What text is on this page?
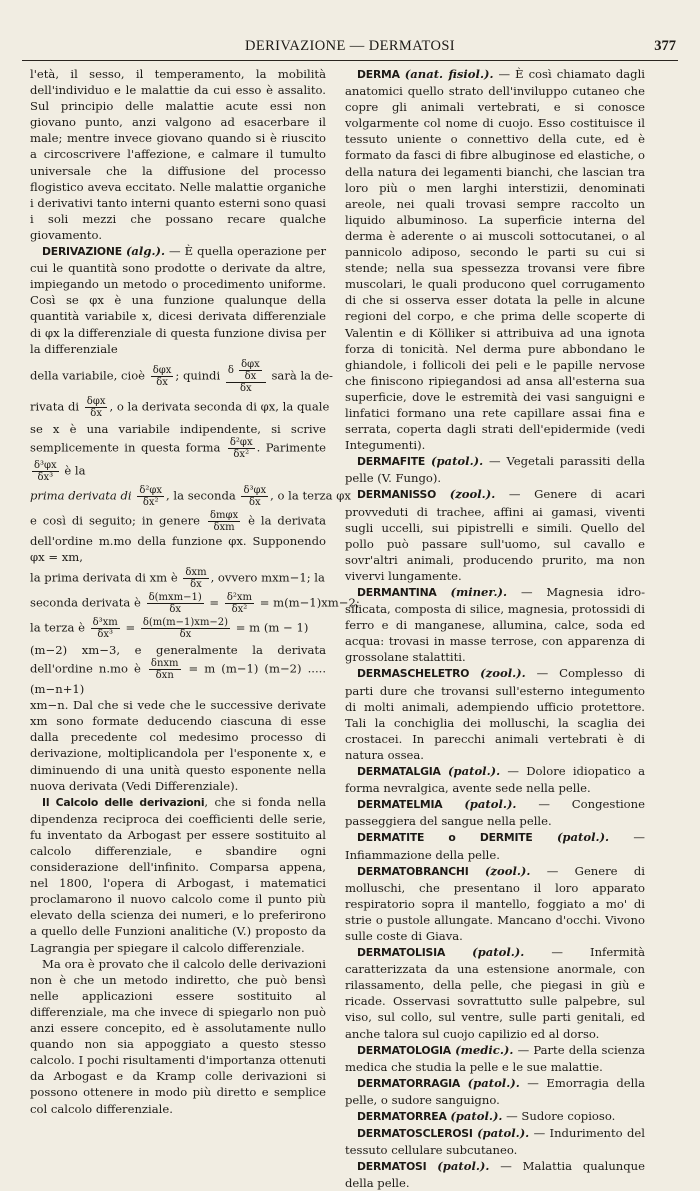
DERIVAZIONE — DERMATOSI	377

l'età, il sesso, il temperamento, la mobilità dell'individuo e le malattie da cui esso è assalito. Sul principio delle malattie acute essi non giovano punto, anzi valgono ad esacerbare il male; mentre invece giovano quando si è riuscito a circoscrivere l'affezione, e calmare il tumulto universale che la diffusione del processo flogistico aveva eccitato. Nelle malattie organiche i derivativi tanto interni quanto esterni sono quasi i soli mezzi che possano recare qualche giovamento.

DERIVAZIONE (alg.). — È quella operazione per cui le quantità sono prodotte o derivate da altre, impiegando un metodo o procedimento uniforme. Così se φx è una funzione qualunque della quantità variabile x, dicesi derivata differenziale di φx la differenziale di questa funzione divisa per la differenziale

della variabile, cioè $\frac{\text{δφx}}{\delta x}$ ; quindi $\frac{\delta \frac{\text{δφx}}{\delta x}}{\delta x}$ sarà la de-

rivata di $\frac{\text{δφx}}{\delta x}$ , o la derivata seconda di φx, la quale

se x è una variabile indipendente, si scrive semplicemente in questa forma $\frac{\text{δ²φx}}{\text{δx²}}$ . Parimente
$\frac{\text{δ³φx}}{\text{δx³}}$ è la

prima derivata di $\frac{\text{δ²φx}}{\text{δx²}}$ , la seconda $\frac{\text{δ³φx}}{\delta x}$ , o la terza φx

e così di seguito; in genere $\frac{\text{δmφx}}{\text{δxm}}$ è la derivata dell'ordine m.mo della funzione φx. Supponendo φx = xm,

la prima derivata di xm è $\frac{\text{δxm}}{\delta x}$ , ovvero mxm−1; la

seconda derivata è $\frac{\text{δ(mxm−1)}}{\delta x} = \frac{\text{δ²xm}}{\text{δx²}} = m(m-1)xm-2$;

la terza è $\frac{\text{δ³xm}}{\text{δx³}} = \frac{\delta(m(m-1)xm-2)}{\delta x} = m$ (m − 1)

(m−2) xm−3, e generalmente la derivata dell'ordine n.mo è $\frac{\text{δnxm}}{\text{δxn}} = m$ (m−1) (m−2) ..... (m−n+1)

xm−n. Dal che si vede che le successive derivate xm sono formate deducendo ciascuna di esse dalla precedente col medesimo processo di derivazione, moltiplicandola per l'esponente x, e diminuendo di una unità questo esponente nella nuova derivata (Vedi Differenziale).

Il Calcolo delle derivazioni, che si fonda nella dipendenza reciproca dei coefficienti delle serie, fu inventato da Arbogast per essere sostituito al calcolo differenziale, e sbandire ogni considerazione dell'infinito. Comparsa appena, nel 1800, l'opera di Arbogast, i matematici proclamarono il nuovo calcolo come il punto più elevato della scienza dei numeri, e lo preferirono a quello delle Funzioni analitiche (V.) proposto da Lagrangia per spiegare il calcolo differenziale.

Ma ora è provato che il calcolo delle derivazioni non è che un metodo indiretto, che può bensì nelle applicazioni essere sostituito al differenziale, ma che invece di spiegarlo non può anzi essere concepito, ed è assolutamente nullo quando non sia appoggiato a questo stesso calcolo. I pochi risultamenti d'importanza ottenuti da Arbogast e da Kramp colle derivazioni si possono ottenere in modo più diretto e semplice col calcolo differenziale.

DERMA (anat. fisiol.). — È così chiamato dagli anatomici quello strato dell'inviluppo cutaneo che copre gli animali vertebrati, e si conosce volgarmente col nome di cuojo. Esso costituisce il tessuto uniente o connettivo della cute, ed è formato da fasci di fibre albuginose ed elastiche, o della natura dei legamenti bianchi, che lascian tra loro più o men larghi interstizii, denominati areole, nei quali trovasi sempre raccolto un liquido albuminoso. La superficie interna del derma è aderente o ai muscoli sottocutanei, o al pannicolo adiposo, secondo le parti su cui si stende; nella sua spessezza trovansi vere fibre muscolari, le quali producono quel corrugamento di che si osserva esser dotata la pelle in alcune regioni del corpo, e che prima delle scoperte di Valentin e di Kölliker si attribuiva ad una ignota forza di tonicità. Nel derma pure abbondano le ghiandole, i follicoli dei peli e le papille nervose che finiscono ripiegandosi ad ansa all'esterna sua superficie, dove le estremità dei vasi sanguigni e linfatici formano una rete capillare assai fina e serrata, coperta dagli strati dell'epidermide (vedi Integumenti).

DERMAFITE (patol.). — Vegetali parassiti della pelle (V. Fungo).

DERMANISSO (zool.). — Genere di acari provveduti di trachee, affini ai gamasi, viventi sugli uccelli, sui pipistrelli e simili. Quello del pollo può passare sull'uomo, sul cavallo e sovr'altri animali, producendo prurito, ma non vivervi lungamente.

DERMANTINA (miner.). — Magnesia idro-silicata, composta di silice, magnesia, protossidi di ferro e di manganese, allumina, calce, soda ed acqua: trovasi in masse terrose, con apparenza di grossolane stalattiti.

DERMASCHELETRO (zool.). — Complesso di parti dure che trovansi sull'esterno integumento di molti animali, adempiendo ufficio protettore. Tali la conchiglia dei molluschi, la scaglia dei crostacei. In parecchi animali vertebrati è di natura ossea.

DERMATALGIA (patol.). — Dolore idiopatico a forma nevralgica, avente sede nella pelle.

DERMATELMIA (patol.). — Congestione passeggiera del sangue nella pelle.

DERMATITE o DERMITE (patol.). — Infiammazione della pelle.

DERMATOBRANCHI (zool.). — Genere di molluschi, che presentano il loro apparato respiratorio sopra il mantello, foggiato a mo' di strie o pustole allungate. Mancano d'occhi. Vivono sulle coste di Giava.

DERMATOLISIA (patol.). — Infermità caratterizzata da una estensione anormale, con rilassamento, della pelle, che piegasi in giù e ricade. Osservasi sovrattutto sulle palpebre, sul viso, sul collo, sul ventre, sulle parti genitali, ed anche talora sul cuojo capilizio ed al dorso.

DERMATOLOGIA (medic.). — Parte della scienza medica che studia la pelle e le sue malattie.

DERMATORRAGIA (patol.). — Emorragia della pelle, o sudore sanguigno.

DERMATORREA (patol.). — Sudore copioso.

DERMATOSCLEROSI (patol.). — Indurimento del tessuto cellulare subcutaneo.

DERMATOSI (patol.). — Malattia qualunque della pelle.
